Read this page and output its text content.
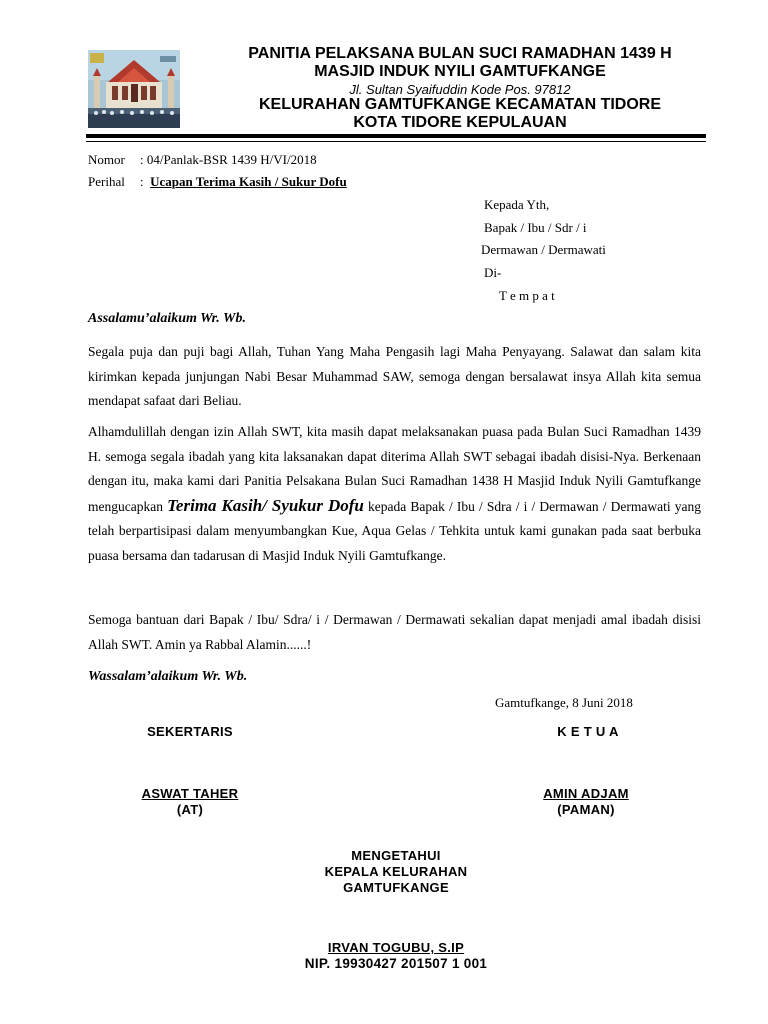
PANITIA PELAKSANA BULAN SUCI RAMADHAN 1439 H
MASJID INDUK NYILI GAMTUFKANGE
Jl. Sultan Syaifuddin Kode Pos. 97812
KELURAHAN GAMTUFKANGE KECAMATAN TIDORE
KOTA TIDORE KEPULAUAN
Nomor : 04/Panlak-BSR 1439 H/VI/2018
Perihal : Ucapan Terima Kasih / Sukur Dofu
Kepada Yth,
Bapak / Ibu / Sdr / i
Dermawan / Dermawati
Di-
T e m p a t
Assalamu’alaikum Wr. Wb.
Segala puja dan puji bagi Allah, Tuhan Yang Maha Pengasih lagi Maha Penyayang. Salawat dan salam kita kirimkan kepada junjungan Nabi Besar Muhammad SAW, semoga dengan bersalawat insya Allah kita semua mendapat safaat dari Beliau.
Alhamdulillah dengan izin Allah SWT, kita masih dapat melaksanakan puasa pada Bulan Suci Ramadhan 1439 H. semoga segala ibadah yang kita laksanakan dapat diterima Allah SWT sebagai ibadah disisi-Nya. Berkenaan dengan itu, maka kami dari Panitia Pelsakana Bulan Suci Ramadhan 1438 H Masjid Induk Nyili Gamtufkange mengucapkan Terima Kasih/ Syukur Dofu kepada Bapak / Ibu / Sdra / i / Dermawan / Dermawati yang telah berpartisipasi dalam menyumbangkan Kue, Aqua Gelas / Tehkita untuk kami gunakan pada saat berbuka puasa bersama dan tadarusan di Masjid Induk Nyili Gamtufkange.
Semoga bantuan dari Bapak / Ibu/ Sdra/ i / Dermawan / Dermawati sekalian dapat menjadi amal ibadah disisi Allah SWT. Amin ya Rabbal Alamin......!
Wassalam’alaikum Wr. Wb.
Gamtufkange, 8 Juni 2018
SEKERTARIS	K E T U A
ASWAT TAHER
(AT)
AMIN ADJAM
(PAMAN)
MENGETAHUI
KEPALA KELURAHAN
GAMTUFKANGE
IRVAN TOGUBU, S.IP
NIP. 19930427 201507 1 001
